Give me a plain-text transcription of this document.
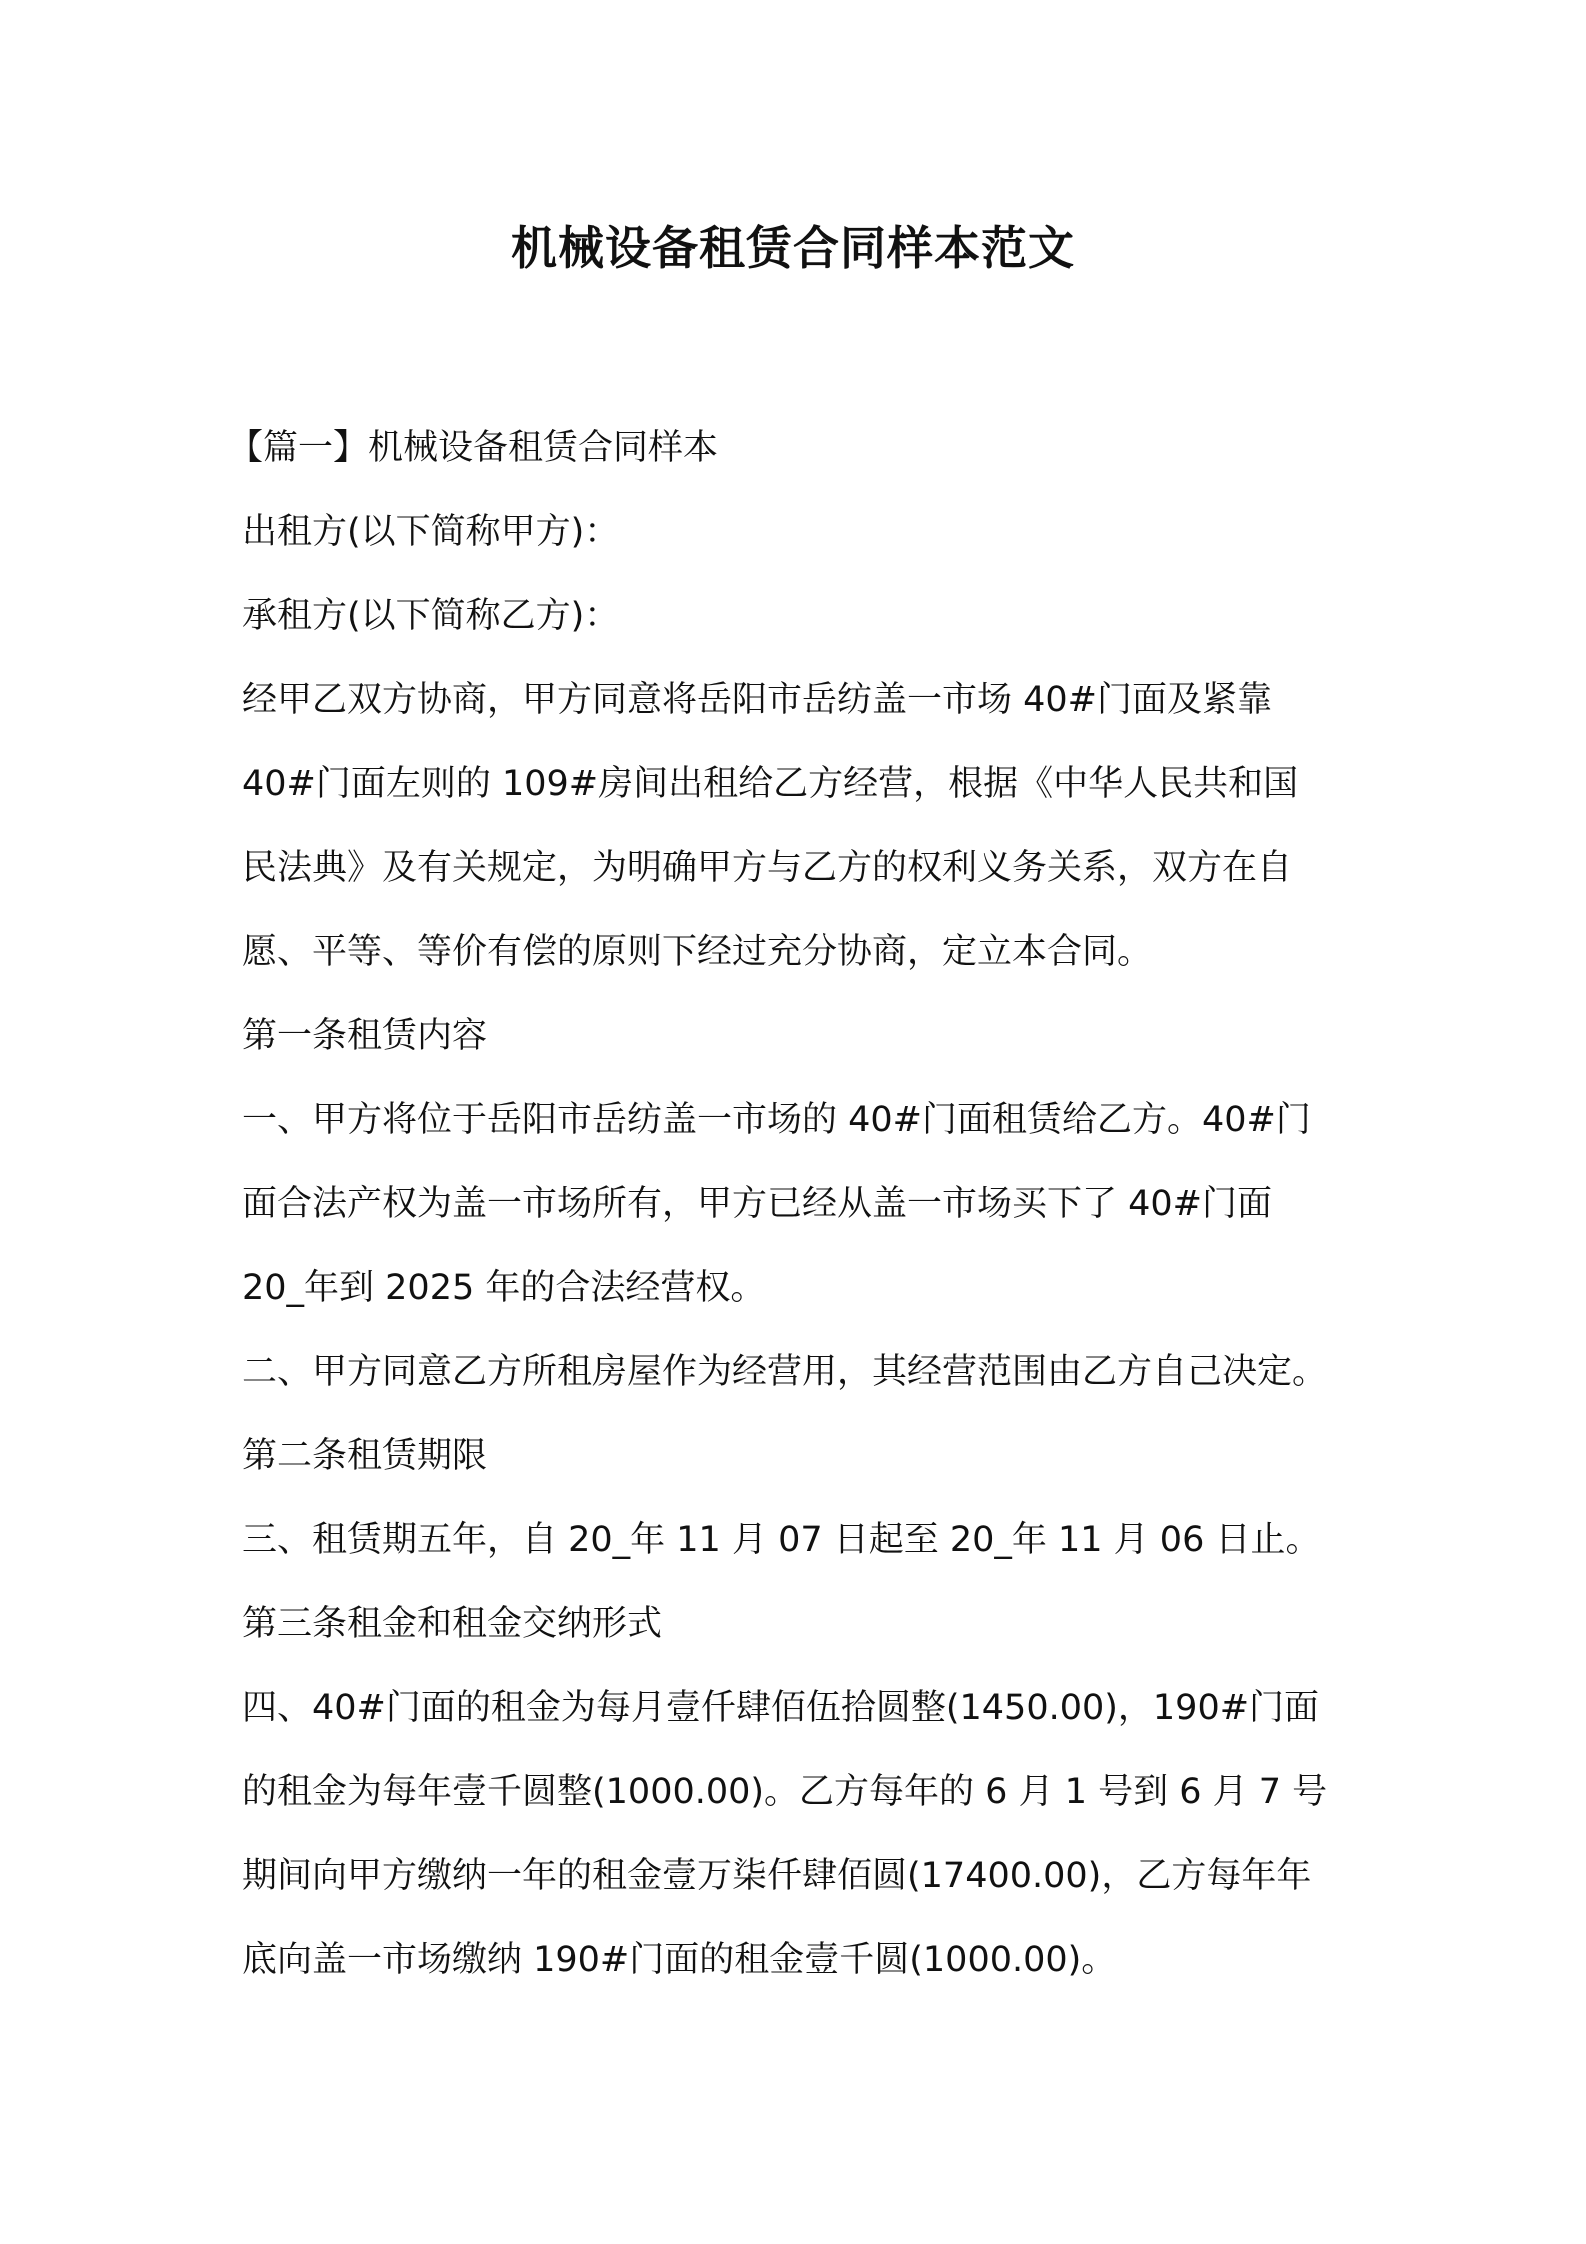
机械设备租赁合同样本范文
【篇一】机械设备租赁合同样本
出租方(以下简称甲方)：
承租方(以下简称乙方)：
经甲乙双方协商，甲方同意将岳阳市岳纺盖一市场 40#门面及紧靠
40#门面左则的 109#房间出租给乙方经营，根据《中华人民共和国
民法典》及有关规定，为明确甲方与乙方的权利义务关系，双方在自
愿、平等、等价有偿的原则下经过充分协商，定立本合同。
第一条租赁内容
一、甲方将位于岳阳市岳纺盖一市场的 40#门面租赁给乙方。40#门
面合法产权为盖一市场所有，甲方已经从盖一市场买下了 40#门面
20_年到 2025 年的合法经营权。
二、甲方同意乙方所租房屋作为经营用，其经营范围由乙方自己决定。
第二条租赁期限
三、租赁期五年，自 20_年 11 月 07 日起至 20_年 11 月 06 日止。
第三条租金和租金交纳形式
四、40#门面的租金为每月壹仟肆佰伍拾圆整(1450.00)，190#门面
的租金为每年壹千圆整(1000.00)。乙方每年的 6 月 1 号到 6 月 7 号
期间向甲方缴纳一年的租金壹万柒仟肆佰圆(17400.00)，乙方每年年
底向盖一市场缴纳 190#门面的租金壹千圆(1000.00)。
